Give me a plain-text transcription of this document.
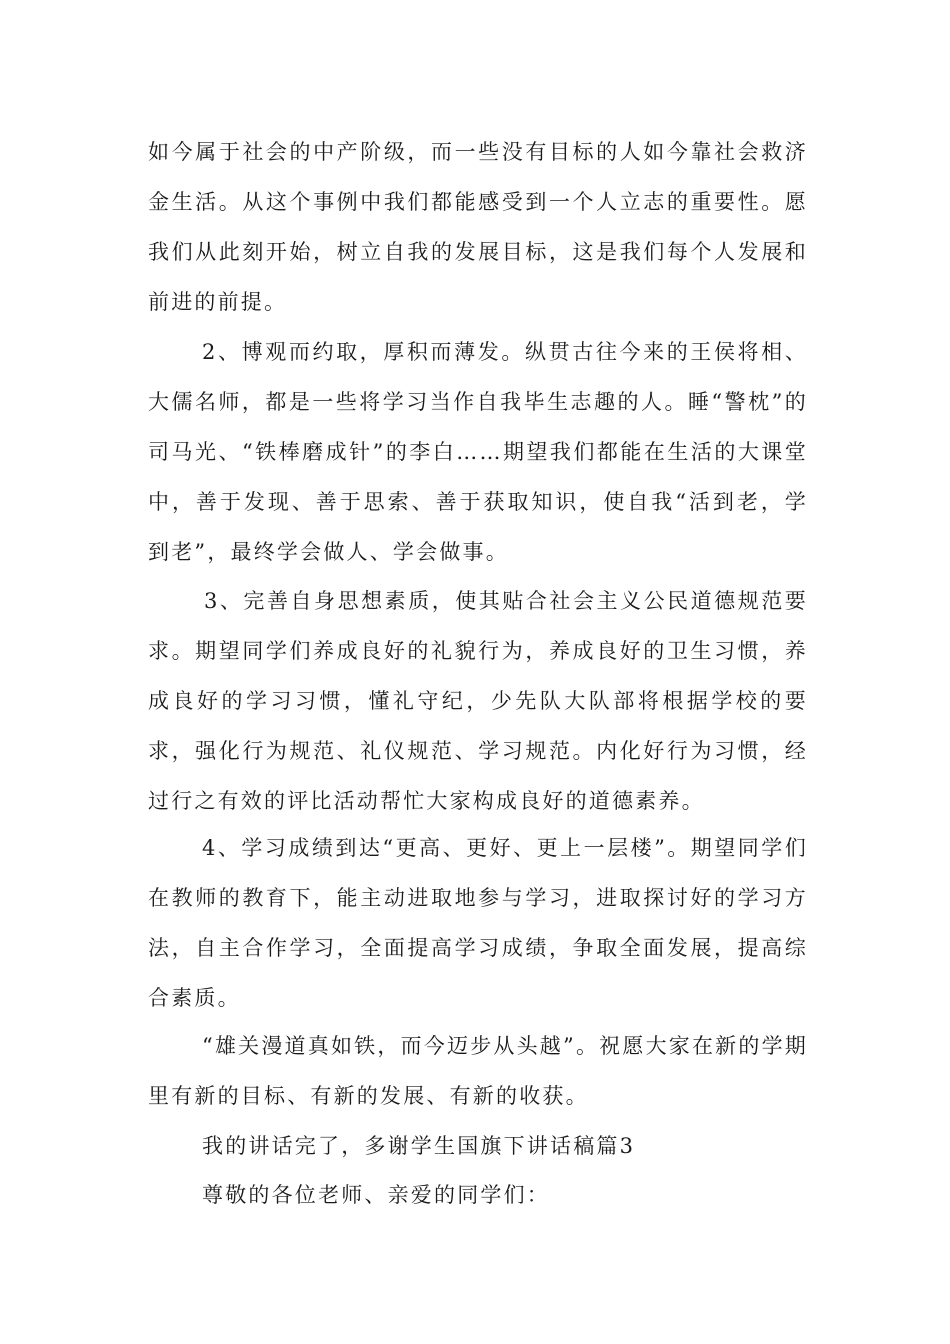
如今属于社会的中产阶级，而一些没有目标的人如今靠社会救济金生活。从这个事例中我们都能感受到一个人立志的重要性。愿我们从此刻开始，树立自我的发展目标，这是我们每个人发展和前进的前提。

2、博观而约取，厚积而薄发。纵贯古往今来的王侯将相、大儒名师，都是一些将学习当作自我毕生志趣的人。睡“警枕”的司马光、“铁棒磨成针”的李白……期望我们都能在生活的大课堂中，善于发现、善于思索、善于获取知识，使自我“活到老，学到老”，最终学会做人、学会做事。

3、完善自身思想素质，使其贴合社会主义公民道德规范要求。期望同学们养成良好的礼貌行为，养成良好的卫生习惯，养成良好的学习习惯，懂礼守纪，少先队大队部将根据学校的要求，强化行为规范、礼仪规范、学习规范。内化好行为习惯，经过行之有效的评比活动帮忙大家构成良好的道德素养。

4、学习成绩到达“更高、更好、更上一层楼”。期望同学们在教师的教育下，能主动进取地参与学习，进取探讨好的学习方法，自主合作学习，全面提高学习成绩，争取全面发展，提高综合素质。

“雄关漫道真如铁，而今迈步从头越”。祝愿大家在新的学期里有新的目标、有新的发展、有新的收获。

我的讲话完了，多谢学生国旗下讲话稿篇3

尊敬的各位老师、亲爱的同学们：
